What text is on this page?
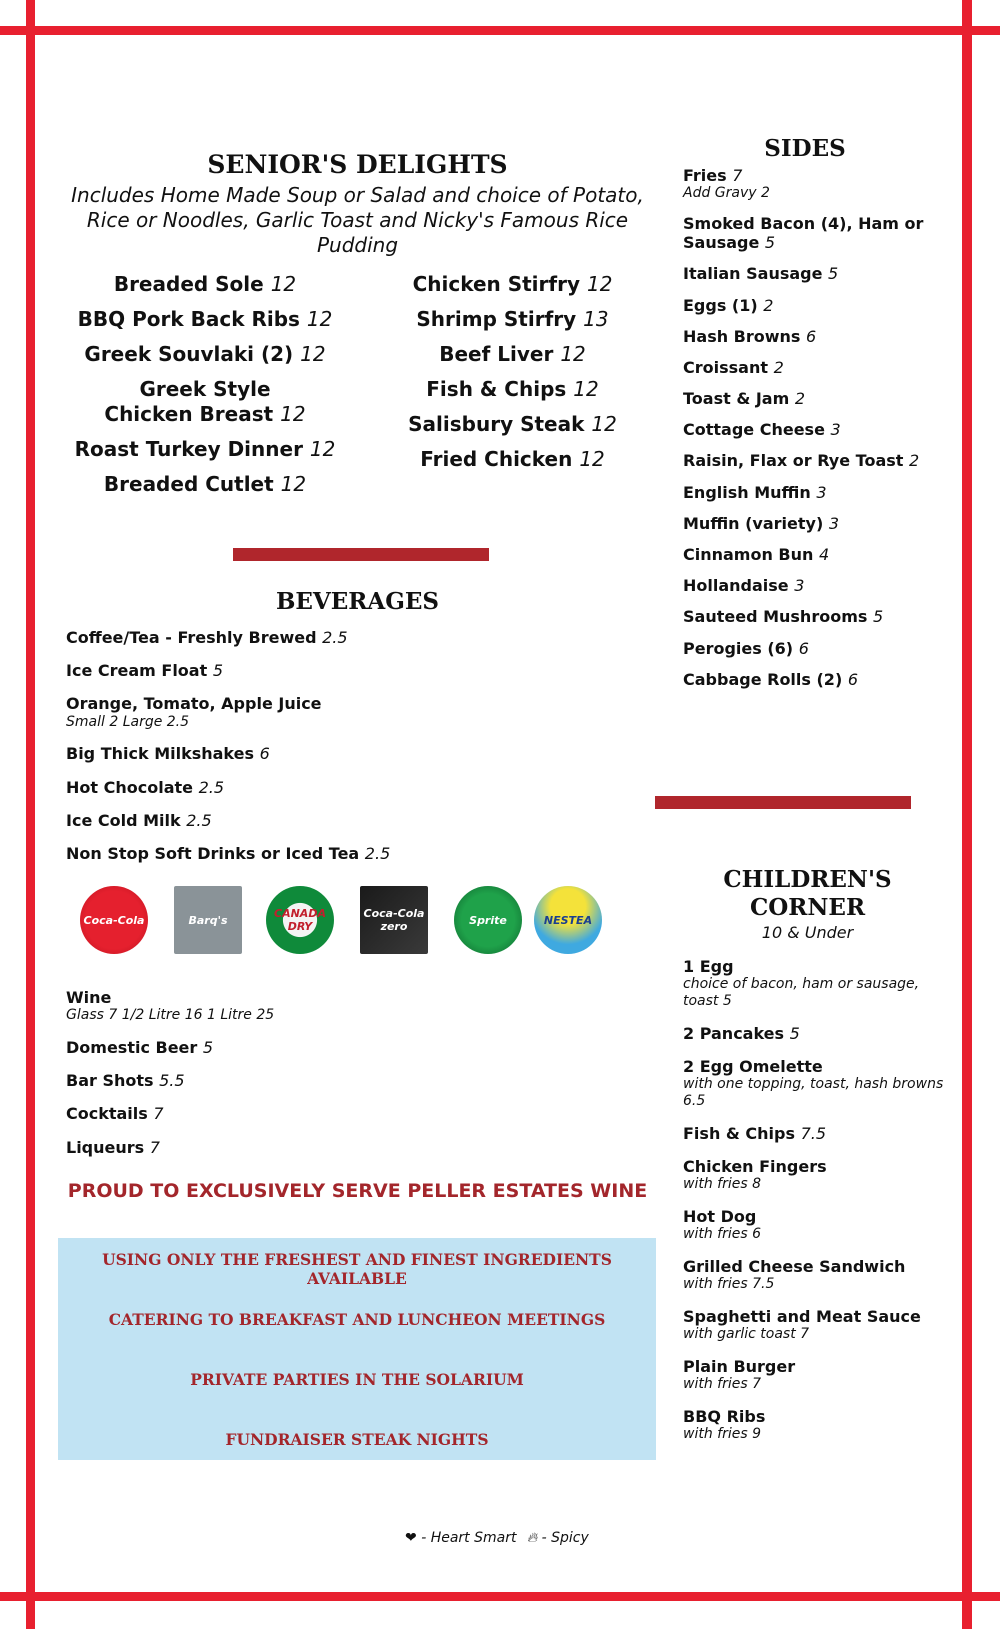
SENIOR'S DELIGHTS
Includes Home Made Soup or Salad and choice of Potato, Rice or Noodles, Garlic Toast and Nicky's Famous Rice Pudding
Breaded Sole 12
BBQ Pork Back Ribs 12
Greek Souvlaki (2) 12
Greek Style Chicken Breast 12
Roast Turkey Dinner 12
Breaded Cutlet 12
Chicken Stirfry 12
Shrimp Stirfry 13
Beef Liver 12
Fish & Chips 12
Salisbury Steak 12
Fried Chicken 12
BEVERAGES
Coffee/Tea - Freshly Brewed 2.5
Ice Cream Float 5
Orange, Tomato, Apple Juice
Small 2 Large 2.5
Big Thick Milkshakes 6
Hot Chocolate 2.5
Ice Cold Milk 2.5
Non Stop Soft Drinks or Iced Tea 2.5
Coca-Cola	Barq's	CANADA DRY
Coca-Cola zero	Sprite	NESTEA
Wine
Glass 7 1/2 Litre 16 1 Litre 25
Domestic Beer 5
Bar Shots 5.5
Cocktails 7
Liqueurs 7
PROUD TO EXCLUSIVELY SERVE PELLER ESTATES WINE
USING ONLY THE FRESHEST AND FINEST INGREDIENTS AVAILABLE
CATERING TO BREAKFAST AND LUNCHEON MEETINGS
PRIVATE PARTIES IN THE SOLARIUM
FUNDRAISER STEAK NIGHTS
SIDES
Fries 7
Add Gravy 2
Smoked Bacon (4), Ham or Sausage 5
Italian Sausage 5
Eggs (1) 2
Hash Browns 6
Croissant 2
Toast & Jam 2
Cottage Cheese 3
Raisin, Flax or Rye Toast 2
English Muffin 3
Muffin (variety) 3
Cinnamon Bun 4
Hollandaise 3
Sauteed Mushrooms 5
Perogies (6) 6
Cabbage Rolls (2) 6
CHILDREN'S
CORNER
10 & Under
1 Egg
choice of bacon, ham or sausage, toast 5
2 Pancakes 5
2 Egg Omelette
with one topping, toast, hash browns 6.5
Fish & Chips 7.5
Chicken Fingers
with fries 8
Hot Dog
with fries 6
Grilled Cheese Sandwich
with fries 7.5
Spaghetti and Meat Sauce
with garlic toast 7
Plain Burger
with fries 7
BBQ Ribs
with fries 9
❤ - Heart Smart 🔥︎ - Spicy
